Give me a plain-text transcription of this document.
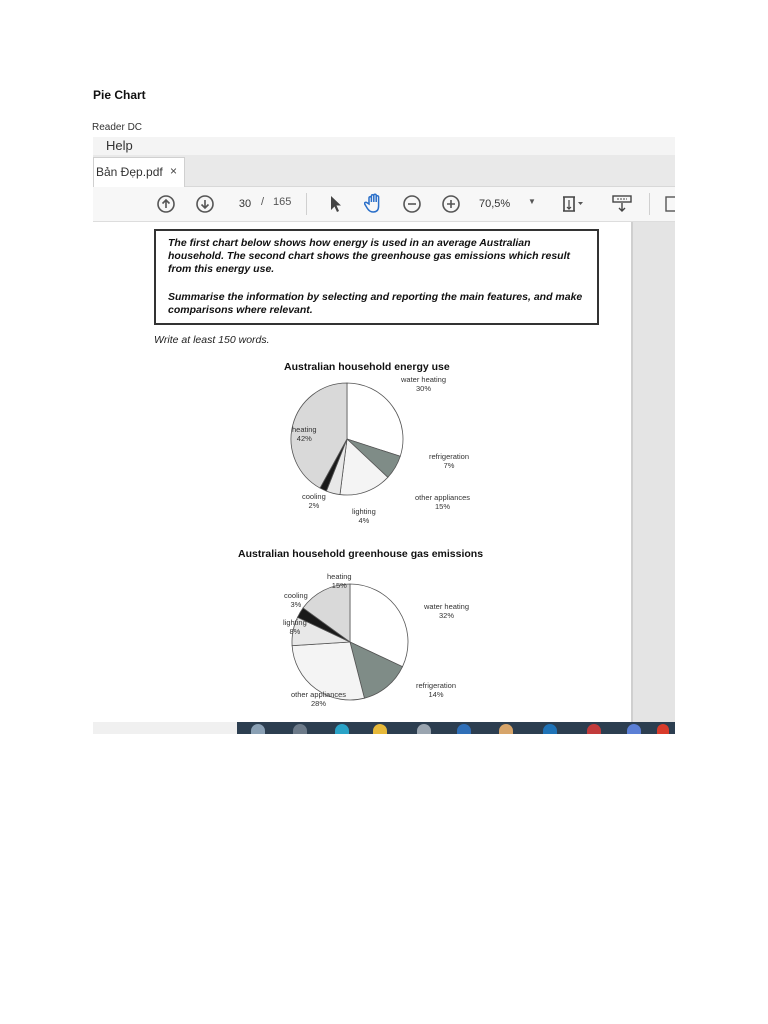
Pie Chart
Reader DC
Help
Bản Đẹp.pdf ×
30 / 165	70,5%	▼
The first chart below shows how energy is used in an average Australian household. The second chart shows the greenhouse gas emissions which result from this energy use.
Summarise the information by selecting and reporting the main features, and make comparisons where relevant.
Write at least 150 words.
Australian household energy use
water heating
30%
refrigeration
7%
other appliances
15%
lighting
4%
cooling
2%
heating
42%
Australian household greenhouse gas emissions
water heating
32%
refrigeration
14%
other appliances
28%
lighting
8%
cooling
3%
heating
15%
